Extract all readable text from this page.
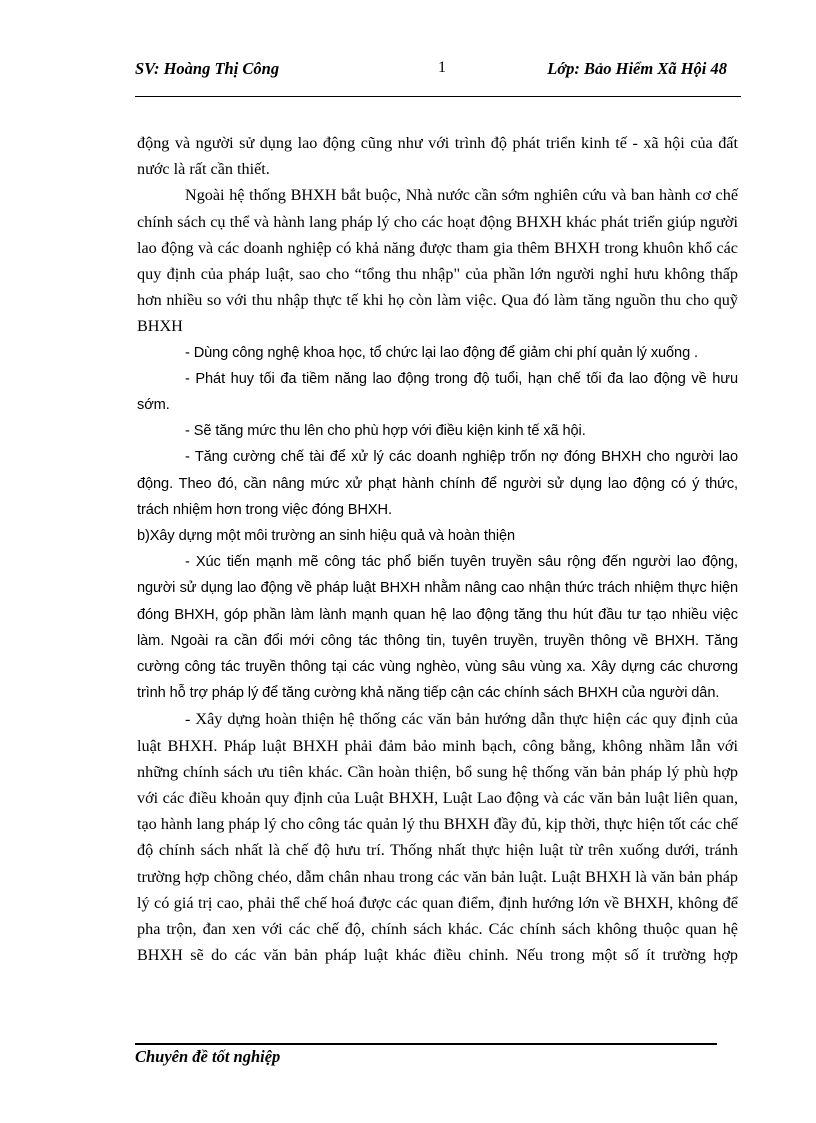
SV: Hoàng Thị Công	1	Lớp: Bảo Hiểm Xã Hội 48

động và người sử dụng lao động cũng như với trình độ phát triển kinh tế - xã hội của đất nước là rất cần thiết.

Ngoài hệ thống BHXH bắt buộc, Nhà nước cần sớm nghiên cứu và ban hành cơ chế chính sách cụ thể và hành lang pháp lý cho các hoạt động BHXH khác phát triển giúp người lao động và các doanh nghiệp có khả năng được tham gia thêm BHXH trong khuôn khổ các quy định của pháp luật, sao cho “tổng thu nhập" của phần lớn người nghỉ hưu không thấp hơn nhiều so với thu nhập thực tế khi họ còn làm việc. Qua đó làm tăng nguồn thu cho quỹ BHXH

- Dùng công nghệ khoa học, tổ chức lại lao động để giảm chi phí quản lý xuống .

- Phát huy tối đa tiềm năng lao động trong độ tuổi, hạn chế tối đa lao động về hưu sớm.

- Sẽ tăng mức thu lên cho phù hợp với điều kiện kinh tế xã hội.

- Tăng cường chế tài để xử lý các doanh nghiệp trốn nợ đóng BHXH cho người lao động. Theo đó, cần nâng mức xử phạt hành chính để người sử dụng lao động có ý thức, trách nhiệm hơn trong việc đóng BHXH.

b)Xây dựng một môi trường an sinh hiệu quả và hoàn thiện

- Xúc tiến mạnh mẽ công tác phổ biến tuyên truyền sâu rộng đến người lao động, người sử dụng lao động về pháp luật BHXH nhằm nâng cao nhận thức trách nhiệm thực hiện đóng BHXH, góp phần làm lành mạnh quan hệ lao động tăng thu hút đầu tư tạo nhiều việc làm. Ngoài ra cần đổi mới công tác thông tin, tuyên truyền, truyền thông về BHXH. Tăng cường công tác truyền thông tại các vùng nghèo, vùng sâu vùng xa. Xây dựng các chương trình hỗ trợ pháp lý để tăng cường khả năng tiếp cận các chính sách BHXH của người dân.

- Xây dựng hoàn thiện hệ thống các văn bản hướng dẫn thực hiện các quy định của luật BHXH. Pháp luật BHXH phải đảm bảo minh bạch, công bằng, không nhầm lẫn với những chính sách ưu tiên khác. Cần hoàn thiện, bổ sung hệ thống văn bản pháp lý phù hợp với các điều khoản quy định của Luật BHXH, Luật Lao động và các văn bản luật liên quan, tạo hành lang pháp lý cho công tác quản lý thu BHXH đầy đủ, kịp thời, thực hiện tốt các chế độ chính sách nhất là chế độ hưu trí. Thống nhất thực hiện luật từ trên xuống dưới, tránh trường hợp chồng chéo, dẫm chân nhau trong các văn bản luật. Luật BHXH là văn bản pháp lý có giá trị cao, phải thể chế hoá được các quan điểm, định hướng lớn về BHXH, không để pha trộn, đan xen với các chế độ, chính sách khác. Các chính sách không thuộc quan hệ BHXH sẽ do các văn bản pháp luật khác điều chỉnh. Nếu trong một số ít trường hợp

Chuyên đề tốt nghiệp
